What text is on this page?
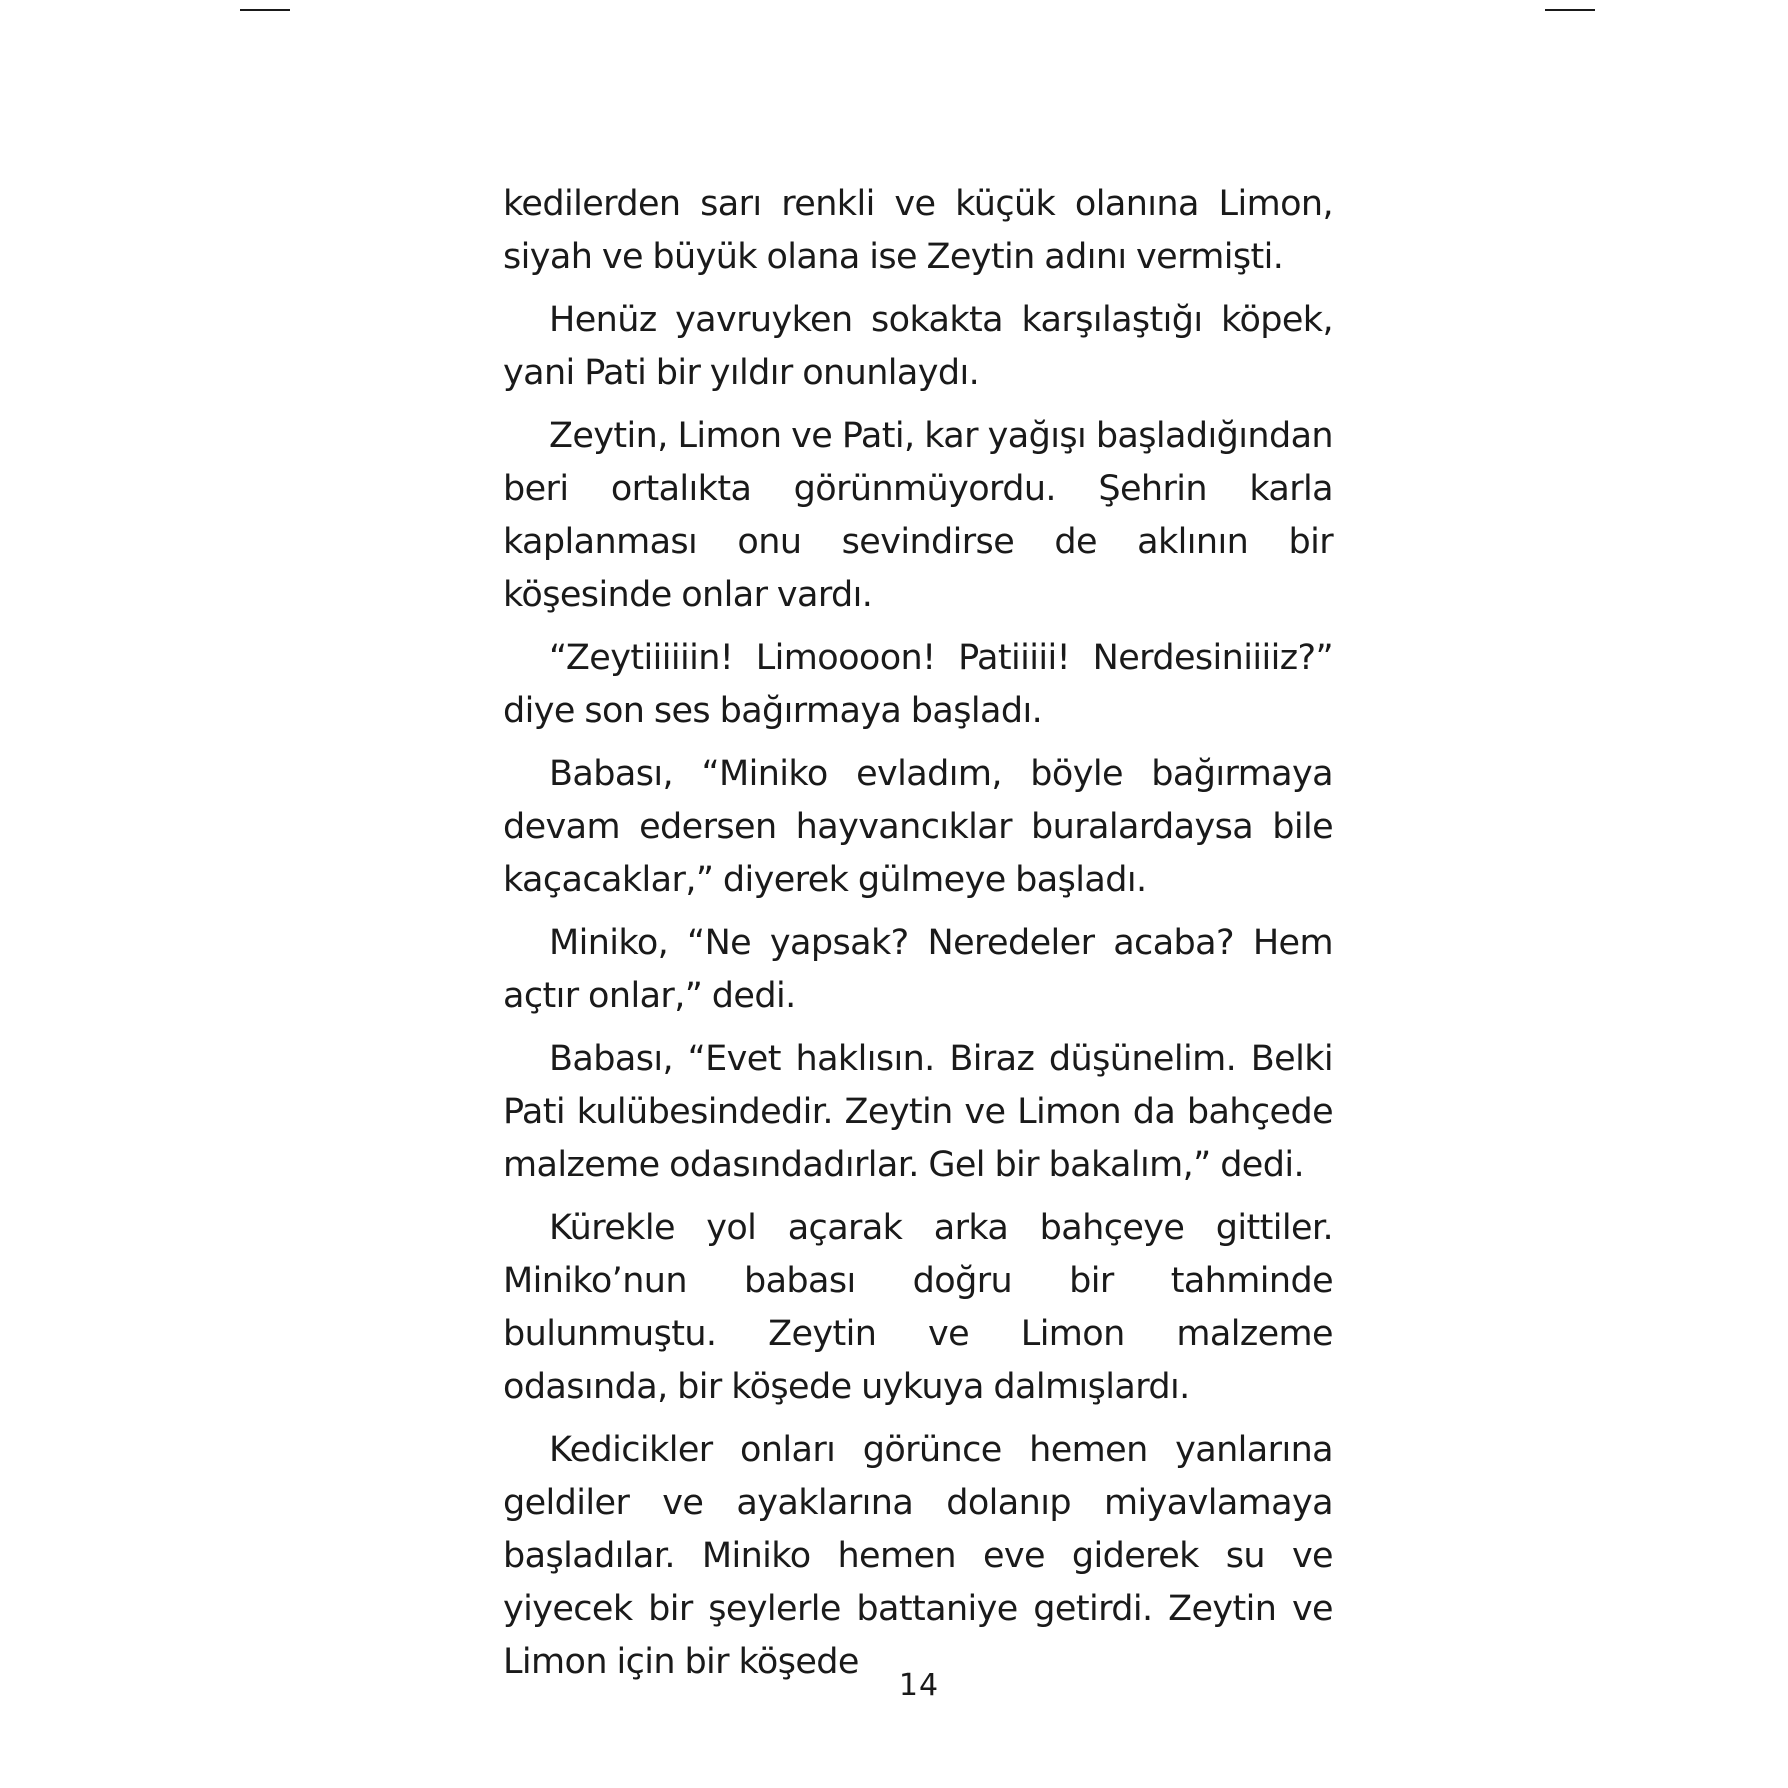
kedilerden sarı renkli ve küçük olanına Limon, siyah ve büyük olana ise Zeytin adını vermişti.

Henüz yavruyken sokakta karşılaştığı köpek, yani Pati bir yıldır onunlaydı.

Zeytin, Limon ve Pati, kar yağışı başladığından beri ortalıkta görünmüyordu. Şehrin karla kaplanması onu sevindirse de aklının bir köşesinde onlar vardı.

“Zeytiiiiiin! Limoooon! Patiiiii! Nerdesiniiiiz?” diye son ses bağırmaya başladı.

Babası, “Miniko evladım, böyle bağırmaya devam edersen hayvancıklar buralardaysa bile kaçacaklar,” diyerek gülmeye başladı.

Miniko, “Ne yapsak? Neredeler acaba? Hem açtır onlar,” dedi.

Babası, “Evet haklısın. Biraz düşünelim. Belki Pati kulübesindedir. Zeytin ve Limon da bahçede malzeme odasındadırlar. Gel bir bakalım,” dedi.

Kürekle yol açarak arka bahçeye gittiler. Miniko’nun babası doğru bir tahminde bulunmuştu. Zeytin ve Limon malzeme odasında, bir köşede uykuya dalmışlardı.

Kedicikler onları görünce hemen yanlarına geldiler ve ayaklarına dolanıp miyavlamaya başladılar. Miniko hemen eve giderek su ve yiyecek bir şeylerle battaniye getirdi. Zeytin ve Limon için bir köşede

14
